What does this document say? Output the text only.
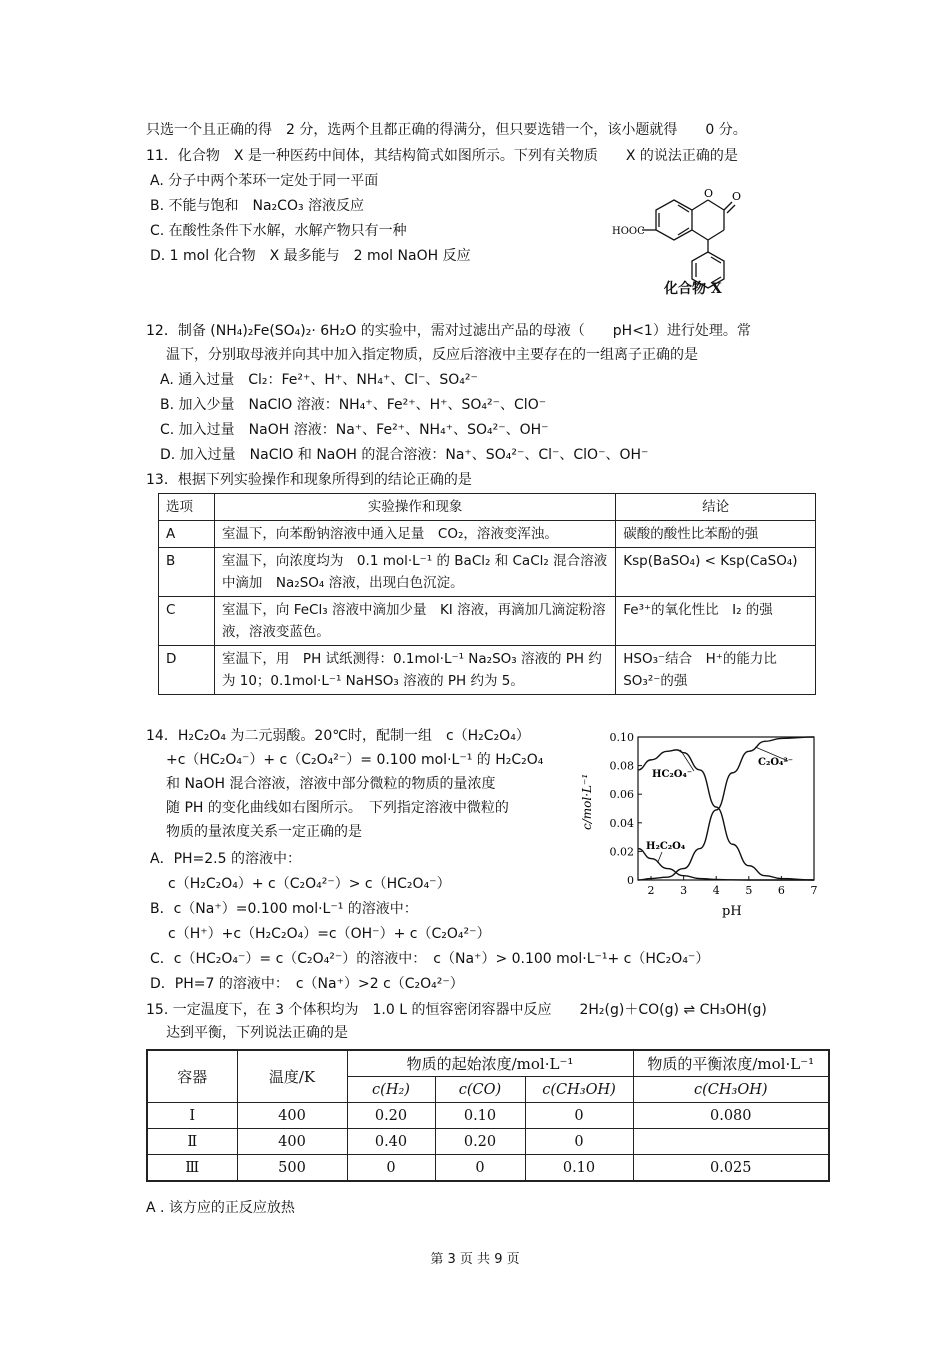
只选一个且正确的得　2 分，选两个且都正确的得满分，但只要选错一个，该小题就得　　0 分。
11．化合物　X 是一种医药中间体，其结构简式如图所示。下列有关物质　　X 的说法正确的是
A. 分子中两个苯环一定处于同一平面
B. 不能与饱和　Na₂CO₃ 溶液反应
C. 在酸性条件下水解，水解产物只有一种
D. 1 mol 化合物　X 最多能与　2 mol NaOH 反应
O O
HOOC
化合物 X
12．制备 (NH₄)₂Fe(SO₄)₂· 6H₂O 的实验中，需对过滤出产品的母液（　　pH<1）进行处理。常
温下，分别取母液并向其中加入指定物质，反应后溶液中主要存在的一组离子正确的是
A. 通入过量　Cl₂：Fe²⁺、H⁺、NH₄⁺、Cl⁻、SO₄²⁻
B. 加入少量　NaClO 溶液：NH₄⁺、Fe²⁺、H⁺、SO₄²⁻、ClO⁻
C. 加入过量　NaOH 溶液：Na⁺、Fe²⁺、NH₄⁺、SO₄²⁻、OH⁻
D. 加入过量　NaClO 和 NaOH 的混合溶液：Na⁺、SO₄²⁻、Cl⁻、ClO⁻、OH⁻
13．根据下列实验操作和现象所得到的结论正确的是
选项	实验操作和现象	结论
A	室温下，向苯酚钠溶液中通入足量　CO₂，溶液变浑浊。	碳酸的酸性比苯酚的强
B	室温下，向浓度均为　0.1 mol·L⁻¹ 的 BaCl₂ 和 CaCl₂ 混合溶液中滴加　Na₂SO₄ 溶液，出现白色沉淀。	Ksp(BaSO₄) < Ksp(CaSO₄)
C	室温下，向 FeCl₃ 溶液中滴加少量　KI 溶液，再滴加几滴淀粉溶液，溶液变蓝色。	Fe³⁺的氧化性比　I₂ 的强
D	室温下，用　PH 试纸测得：0.1mol·L⁻¹ Na₂SO₃ 溶液的 PH 约为 10；0.1mol·L⁻¹ NaHSO₃ 溶液的 PH 约为 5。	HSO₃⁻结合　H⁺的能力比 SO₃²⁻的强
14．H₂C₂O₄ 为二元弱酸。20℃时，配制一组　c（H₂C₂O₄）
+c（HC₂O₄⁻）+ c（C₂O₄²⁻）= 0.100 mol·L⁻¹ 的 H₂C₂O₄
和 NaOH 混合溶液，溶液中部分微粒的物质的量浓度
随 PH 的变化曲线如右图所示。　下列指定溶液中微粒的
物质的量浓度关系一定正确的是
A．PH=2.5 的溶液中：
c（H₂C₂O₄）+ c（C₂O₄²⁻）> c（HC₂O₄⁻）
B．c（Na⁺）=0.100 mol·L⁻¹ 的溶液中：
c（H⁺）+c（H₂C₂O₄）=c（OH⁻）+ c（C₂O₄²⁻）
C．c（HC₂O₄⁻）= c（C₂O₄²⁻）的溶液中：　c（Na⁺）> 0.100 mol·L⁻¹+ c（HC₂O₄⁻）
D．PH=7 的溶液中：　c（Na⁺）>2 c（C₂O₄²⁻）
2 3 4 5 6 7
0
0.02
0.04
0.06
0.08
0.10
c/mol·L⁻¹
pH
HC₂O₄⁻
C₂O₄²⁻
H₂C₂O₄
15. 一定温度下，在 3 个体积均为　1.0 L 的恒容密闭容器中反应　　2H₂(g)＋CO(g) ⇌ CH₃OH(g)
达到平衡，下列说法正确的是
容器	温度/K	物质的起始浓度/mol·L⁻¹			物质的平衡浓度/mol·L⁻¹
		c(H₂)	c(CO)	c(CH₃OH)	c(CH₃OH)
Ⅰ	400	0.20	0.10	0	0.080
Ⅱ	400	0.40	0.20	0	
Ⅲ	500	0	0	0.10	0.025
A . 该方应的正反应放热
第 3 页 共 9 页
